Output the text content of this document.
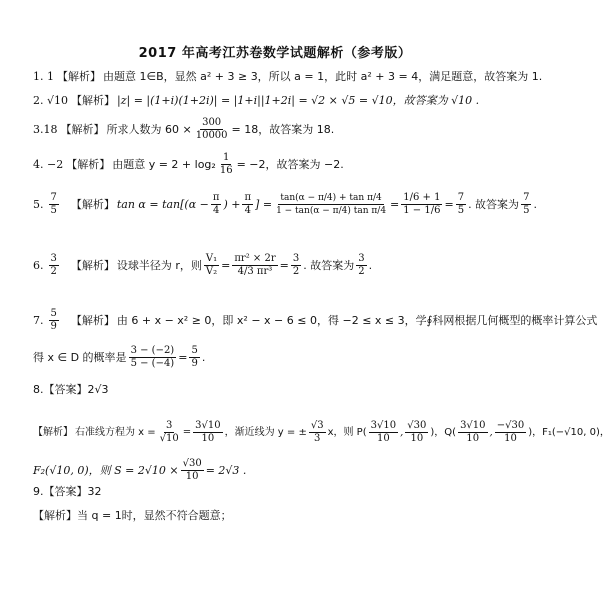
2017 年高考江苏卷数学试题解析（参考版）
1. 1 【解析】 由题意 1∈B，显然 a² + 3 ≥ 3，所以 a = 1，此时 a² + 3 = 4，满足题意，故答案为 1.
2. √10 【解析】 |z| = |(1+i)(1+2i)| = |1+i||1+2i| = √2 × √5 = √10，故答案为 √10 .
3.18 【解析】 所求人数为 $60 \times \frac{300}{10000} = 18$，故答案为 18.
4. −2 【解析】 由题意 $y = 2 + \log_2 \frac{1}{16} = -2$，故答案为 −2.
5. $\frac{7}{5}$ 【解析】 $\tan \alpha = \tan[(\alpha - \frac{\pi}{4}$ ) + $\frac{\pi}{4}$ ] = $\frac{\text{tan(α − π/4) + tan π/4}}{\text{1 − tan(α − π/4) tan π/4}} = \frac{1/6 + 1}{1 - 1/6} = \frac{7}{5}$ . 故答案为 $\frac{7}{5}$ .
6. $\frac{3}{2}$ 【解析】 设球半径为 r，则 $\frac{\text{V₁}}{\text{V₂}} = \frac{\text{πr² × 2r}}{\text{4/3 πr³}} = \frac{3}{2}$ . 故答案为 $\frac{3}{2}$ .
7. $\frac{5}{9}$ 【解析】 由 6 + x − x² ≥ 0，即 x² − x − 6 ≤ 0，得 −2 ≤ x ≤ 3，学∮科网根据几何概型的概率计算公式
得 x ∈ D 的概率是 $\frac{3 - (-2)}{5 - (-4)} = \frac{5}{9}$ .
8.【答案】2√3
【解析】 右准线方程为 $x = \frac{3}{√10} = \frac{3√10}{10}$ ，渐近线为 y = ± $\frac{√3}{3}$ x，则 $P( \frac{3√10}{10}$ , $\frac{√30}{10}$ )，$Q( \frac{3√10}{10}$ , $\frac{-√30}{10}$ )，F₁(−√10, 0)，
F₂(√10, 0)，则 $S = 2√10 \times \frac{√30}{10} = 2√3$ .
9.【答案】32
【解析】当 q = 1时，显然不符合题意；
